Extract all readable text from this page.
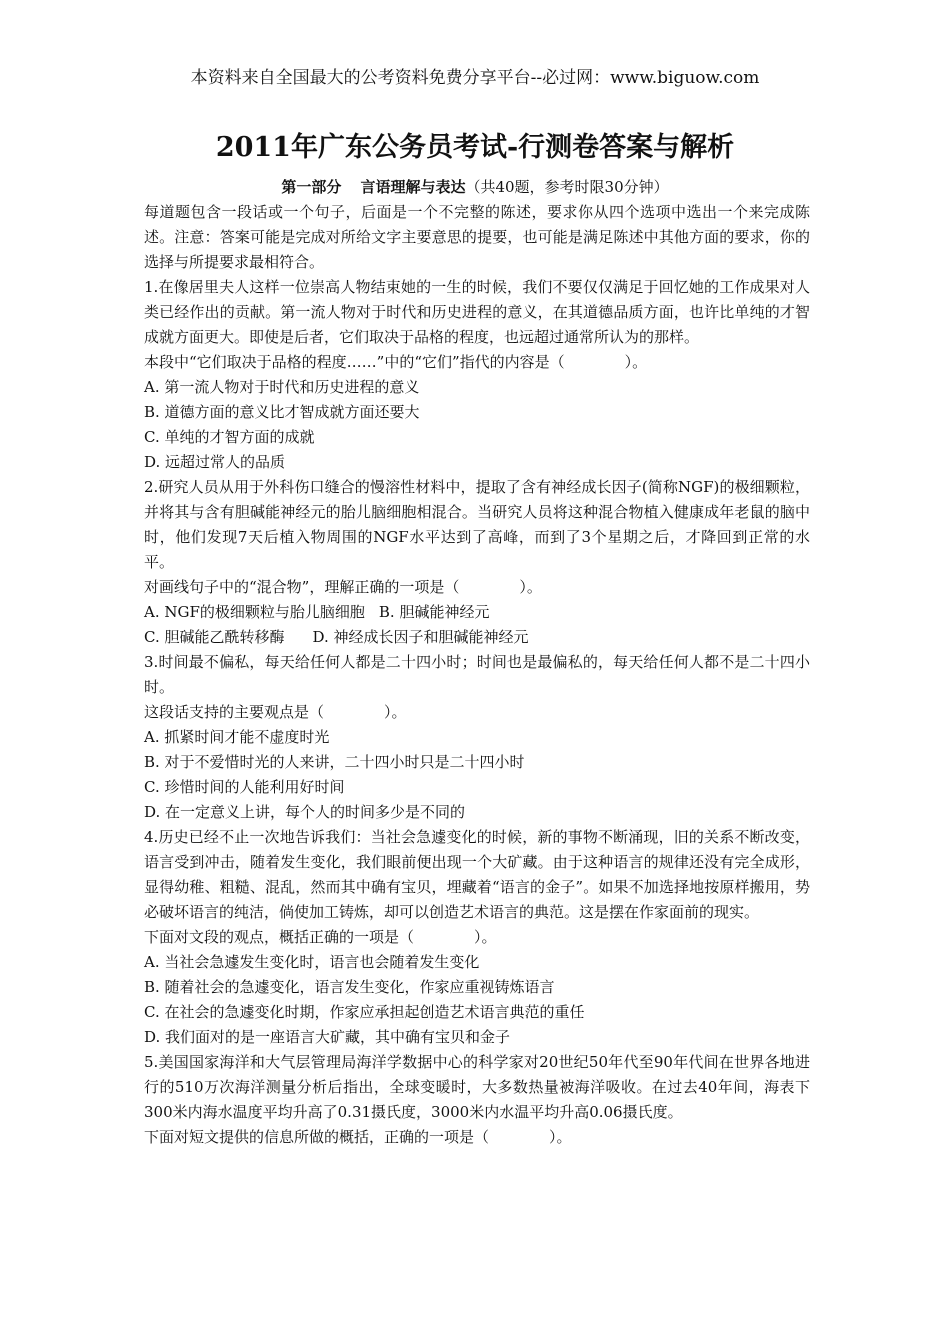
本资料来自全国最大的公考资料免费分享平台--必过网：www.biguow.com
2011年广东公务员考试-行测卷答案与解析
第一部分 言语理解与表达（共40题，参考时限30分钟）

每道题包含一段话或一个句子，后面是一个不完整的陈述，要求你从四个选项中选出一个来完成陈述。注意：答案可能是完成对所给文字主要意思的提要，也可能是满足陈述中其他方面的要求，你的选择与所提要求最相符合。

1.在像居里夫人这样一位崇高人物结束她的一生的时候，我们不要仅仅满足于回忆她的工作成果对人类已经作出的贡献。第一流人物对于时代和历史进程的意义，在其道德品质方面，也许比单纯的才智成就方面更大。即使是后者，它们取决于品格的程度，也远超过通常所认为的那样。

本段中“它们取决于品格的程度……”中的“它们”指代的内容是（　　　　）。

A. 第一流人物对于时代和历史进程的意义

B. 道德方面的意义比才智成就方面还要大

C. 单纯的才智方面的成就

D. 远超过常人的品质

2.研究人员从用于外科伤口缝合的慢溶性材料中，提取了含有神经成长因子(简称NGF)的极细颗粒，并将其与含有胆碱能神经元的胎儿脑细胞相混合。当研究人员将这种混合物植入健康成年老鼠的脑中时，他们发现7天后植入物周围的NGF水平达到了高峰，而到了3个星期之后，才降回到正常的水平。

对画线句子中的“混合物”，理解正确的一项是（　　　　）。

A. NGF的极细颗粒与胎儿脑细胞 B. 胆碱能神经元

C. 胆碱能乙酰转移酶 D. 神经成长因子和胆碱能神经元

3.时间最不偏私，每天给任何人都是二十四小时；时间也是最偏私的，每天给任何人都不是二十四小时。

这段话支持的主要观点是（　　　　）。

A. 抓紧时间才能不虚度时光

B. 对于不爱惜时光的人来讲，二十四小时只是二十四小时

C. 珍惜时间的人能利用好时间

D. 在一定意义上讲，每个人的时间多少是不同的

4.历史已经不止一次地告诉我们：当社会急遽变化的时候，新的事物不断涌现，旧的关系不断改变，语言受到冲击，随着发生变化，我们眼前便出现一个大矿藏。由于这种语言的规律还没有完全成形，显得幼稚、粗糙、混乱，然而其中确有宝贝，埋藏着“语言的金子”。如果不加选择地按原样搬用，势必破坏语言的纯洁，倘使加工铸炼，却可以创造艺术语言的典范。这是摆在作家面前的现实。

下面对文段的观点，概括正确的一项是（　　　　）。

A. 当社会急遽发生变化时，语言也会随着发生变化

B. 随着社会的急遽变化，语言发生变化，作家应重视铸炼语言

C. 在社会的急遽变化时期，作家应承担起创造艺术语言典范的重任

D. 我们面对的是一座语言大矿藏，其中确有宝贝和金子

5.美国国家海洋和大气层管理局海洋学数据中心的科学家对20世纪50年代至90年代间在世界各地进行的510万次海洋测量分析后指出，全球变暖时，大多数热量被海洋吸收。在过去40年间，海表下300米内海水温度平均升高了0.31摄氏度，3000米内水温平均升高0.06摄氏度。

下面对短文提供的信息所做的概括，正确的一项是（　　　　）。
